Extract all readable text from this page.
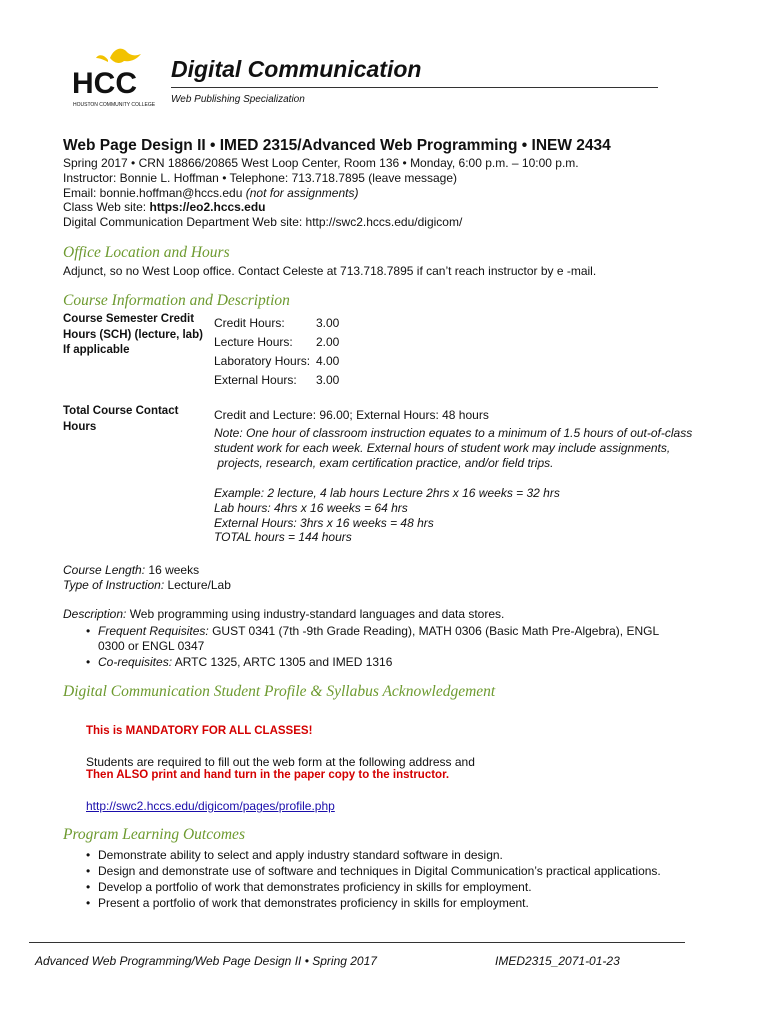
HCC
HOUSTON COMMUNITY COLLEGE
Digital Communication
Web Publishing Specialization
Web Page Design II • IMED 2315/Advanced Web Programming • INEW 2434
Spring 2017 • CRN 18866/20865 West Loop Center, Room 136 • Monday, 6:00 p.m. – 10:00 p.m.
Instructor: Bonnie L. Hoffman • Telephone: 713.718.7895 (leave message)
Email: bonnie.hoffman@hccs.edu (not for assignments)
Class Web site: https://eo2.hccs.edu
Digital Communication Department Web site: http://swc2.hccs.edu/digicom/
Office Location and Hours
Adjunct, so no West Loop office. Contact Celeste at 713.718.7895 if can’t reach instructor by e -mail.
Course Information and Description
Course Semester Credit Hours (SCH) (lecture, lab) If applicable
Credit Hours:	3.00
Lecture Hours: 2.00
Laboratory Hours: 4.00
External Hours: 3.00
Total Course Contact Hours
Credit and Lecture: 96.00; External Hours: 48 hours
Note: One hour of classroom instruction equates to a minimum of 1.5 hours of out-of-class
student work for each week. External hours of student work may include assignments,
projects, research, exam certification practice, and/or field trips.
Example: 2 lecture, 4 lab hours Lecture 2hrs x 16 weeks = 32 hrs
Lab hours: 4hrs x 16 weeks = 64 hrs
External Hours: 3hrs x 16 weeks = 48 hrs
TOTAL hours = 144 hours
Course Length: 16 weeks
Type of Instruction: Lecture/Lab
Description: Web programming using industry-standard languages and data stores.
• Frequent Requisites: GUST 0341 (7th -9th Grade Reading), MATH 0306 (Basic Math Pre-Algebra), ENGL
0300 or ENGL 0347
• Co-requisites: ARTC 1325, ARTC 1305 and IMED 1316
Digital Communication Student Profile & Syllabus Acknowledgement
This is MANDATORY FOR ALL CLASSES!
Students are required to fill out the web form at the following address and
Then ALSO print and hand turn in the paper copy to the instructor.
http://swc2.hccs.edu/digicom/pages/profile.php
Program Learning Outcomes
• Demonstrate ability to select and apply industry standard software in design.
• Design and demonstrate use of software and techniques in Digital Communication’s practical applications.
• Develop a portfolio of work that demonstrates proficiency in skills for employment.
• Present a portfolio of work that demonstrates proficiency in skills for employment.
Advanced Web Programming/Web Page Design II • Spring 2017	IMED2315_2071-01-23
